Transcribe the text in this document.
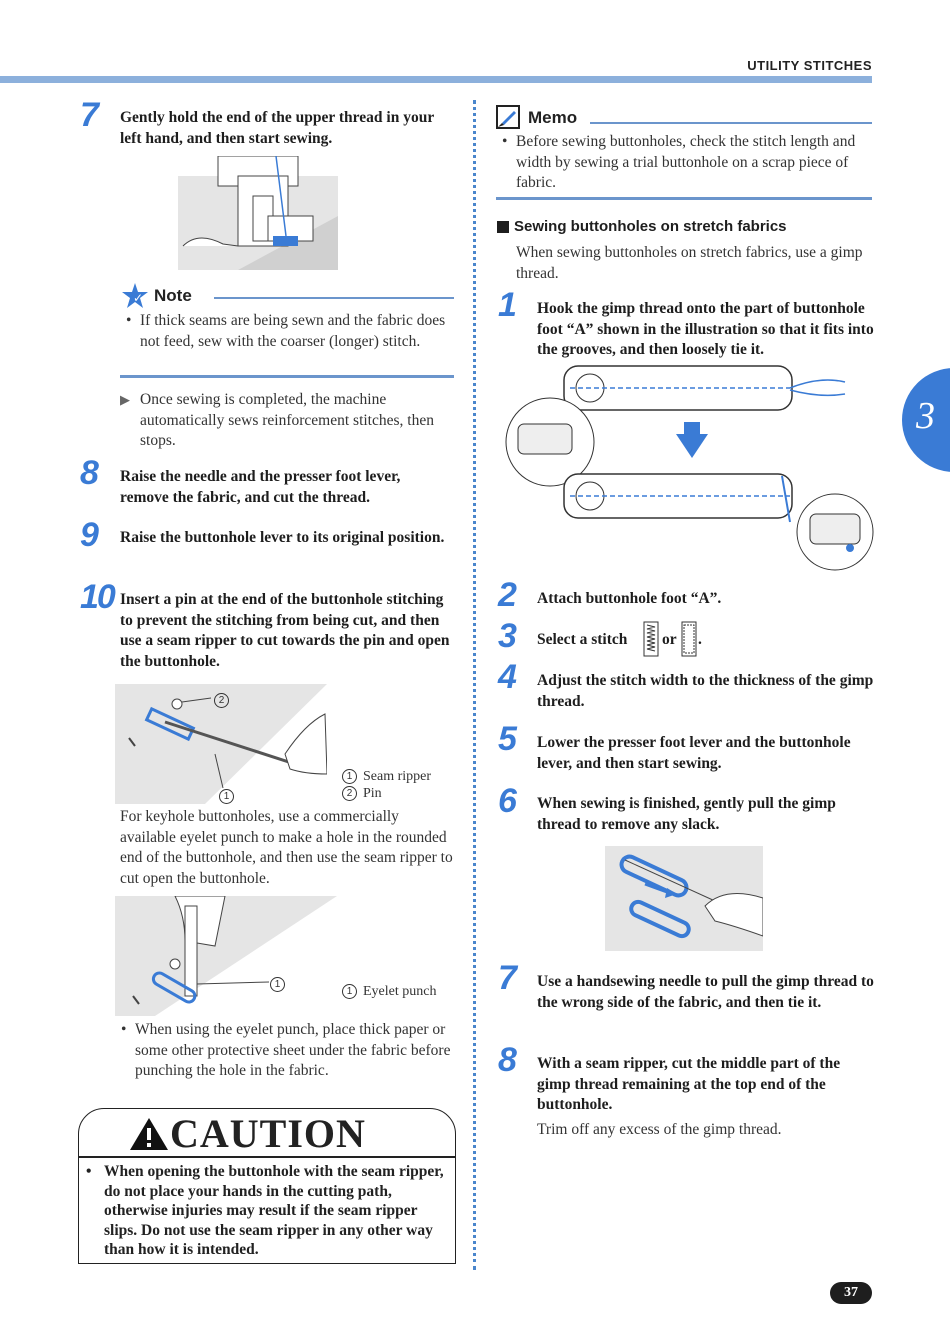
UTILITY STITCHES
3
7 Gently hold the end of the upper thread in your left hand, and then start sewing.
✓ Note
• If thick seams are being sewn and the fabric does not feed, sew with the coarser (longer) stitch.
▶ Once sewing is completed, the machine automatically sews reinforcement stitches, then stops.
8 Raise the needle and the presser foot lever, remove the fabric, and cut the thread.
9 Raise the buttonhole lever to its original position.
10 Insert a pin at the end of the buttonhole stitching to prevent the stitching from being cut, and then use a seam ripper to cut towards the pin and open the buttonhole.
2
1
1 Seam ripper
2 Pin
For keyhole buttonholes, use a commercially available eyelet punch to make a hole in the rounded end of the buttonhole, and then use the seam ripper to cut open the buttonhole.
1
1 Eyelet punch
• When using the eyelet punch, place thick paper or some other protective sheet under the fabric before punching the hole in the fabric.
CAUTION
• When opening the buttonhole with the seam ripper, do not place your hands in the cutting path, otherwise injuries may result if the seam ripper slips. Do not use the seam ripper in any other way than how it is intended.
Memo
• Before sewing buttonholes, check the stitch length and width by sewing a trial buttonhole on a scrap piece of fabric.
Sewing buttonholes on stretch fabrics
When sewing buttonholes on stretch fabrics, use a gimp thread.
1 Hook the gimp thread onto the part of buttonhole foot “A” shown in the illustration so that it fits into the grooves, and then loosely tie it.
2 Attach buttonhole foot “A”.
3 Select a stitch or .
4 Adjust the stitch width to the thickness of the gimp thread.
5 Lower the presser foot lever and the buttonhole lever, and then start sewing.
6 When sewing is finished, gently pull the gimp thread to remove any slack.
7 Use a handsewing needle to pull the gimp thread to the wrong side of the fabric, and then tie it.
8 With a seam ripper, cut the middle part of the gimp thread remaining at the top end of the buttonhole.
Trim off any excess of the gimp thread.
37
